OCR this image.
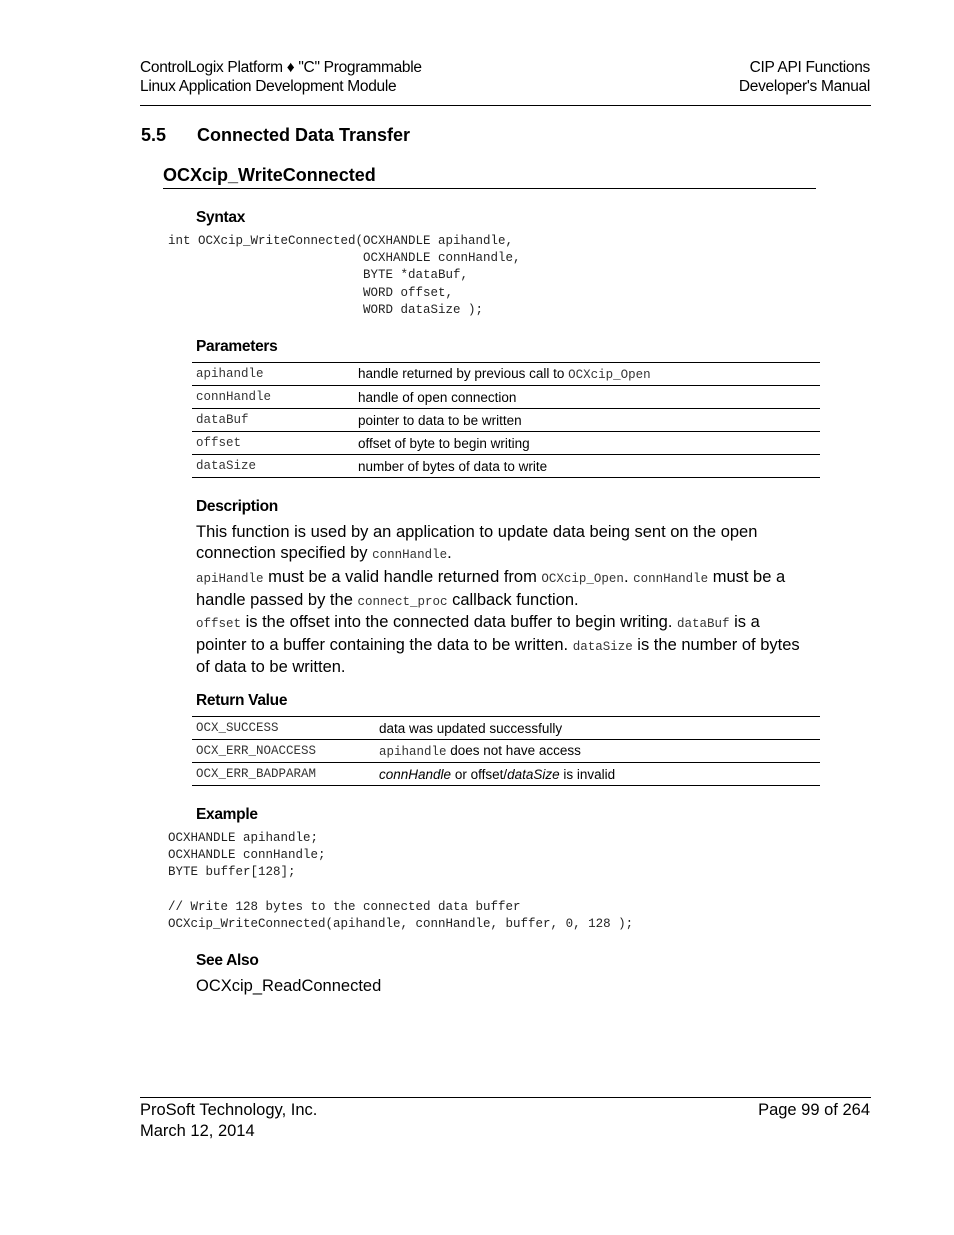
ControlLogix Platform ♦ "C" Programmable
Linux Application Development Module
CIP API Functions
Developer's Manual
5.5 Connected Data Transfer
OCXcip_WriteConnected
Syntax
int OCXcip_WriteConnected(OCXHANDLE apihandle,
OCXHANDLE connHandle,
BYTE *dataBuf,
WORD offset,
WORD dataSize );
Parameters
apihandle	handle returned by previous call to OCXcip_Open
connHandle	handle of open connection
dataBuf	pointer to data to be written
offset	offset of byte to begin writing
dataSize	number of bytes of data to write
Description
This function is used by an application to update data being sent on the open connection specified by connHandle.
apiHandle must be a valid handle returned from OCXcip_Open. connHandle must be a handle passed by the connect_proc callback function.
offset is the offset into the connected data buffer to begin writing. dataBuf is a pointer to a buffer containing the data to be written. dataSize is the number of bytes of data to be written.
Return Value
OCX_SUCCESS	data was updated successfully
OCX_ERR_NOACCESS	apihandle does not have access
OCX_ERR_BADPARAM	connHandle or offset/dataSize is invalid
Example
OCXHANDLE apihandle;
OCXHANDLE connHandle;
BYTE buffer[128];
// Write 128 bytes to the connected data buffer
OCXcip_WriteConnected(apihandle, connHandle, buffer, 0, 128 );
See Also
OCXcip_ReadConnected
ProSoft Technology, Inc.
March 12, 2014
Page 99 of 264
